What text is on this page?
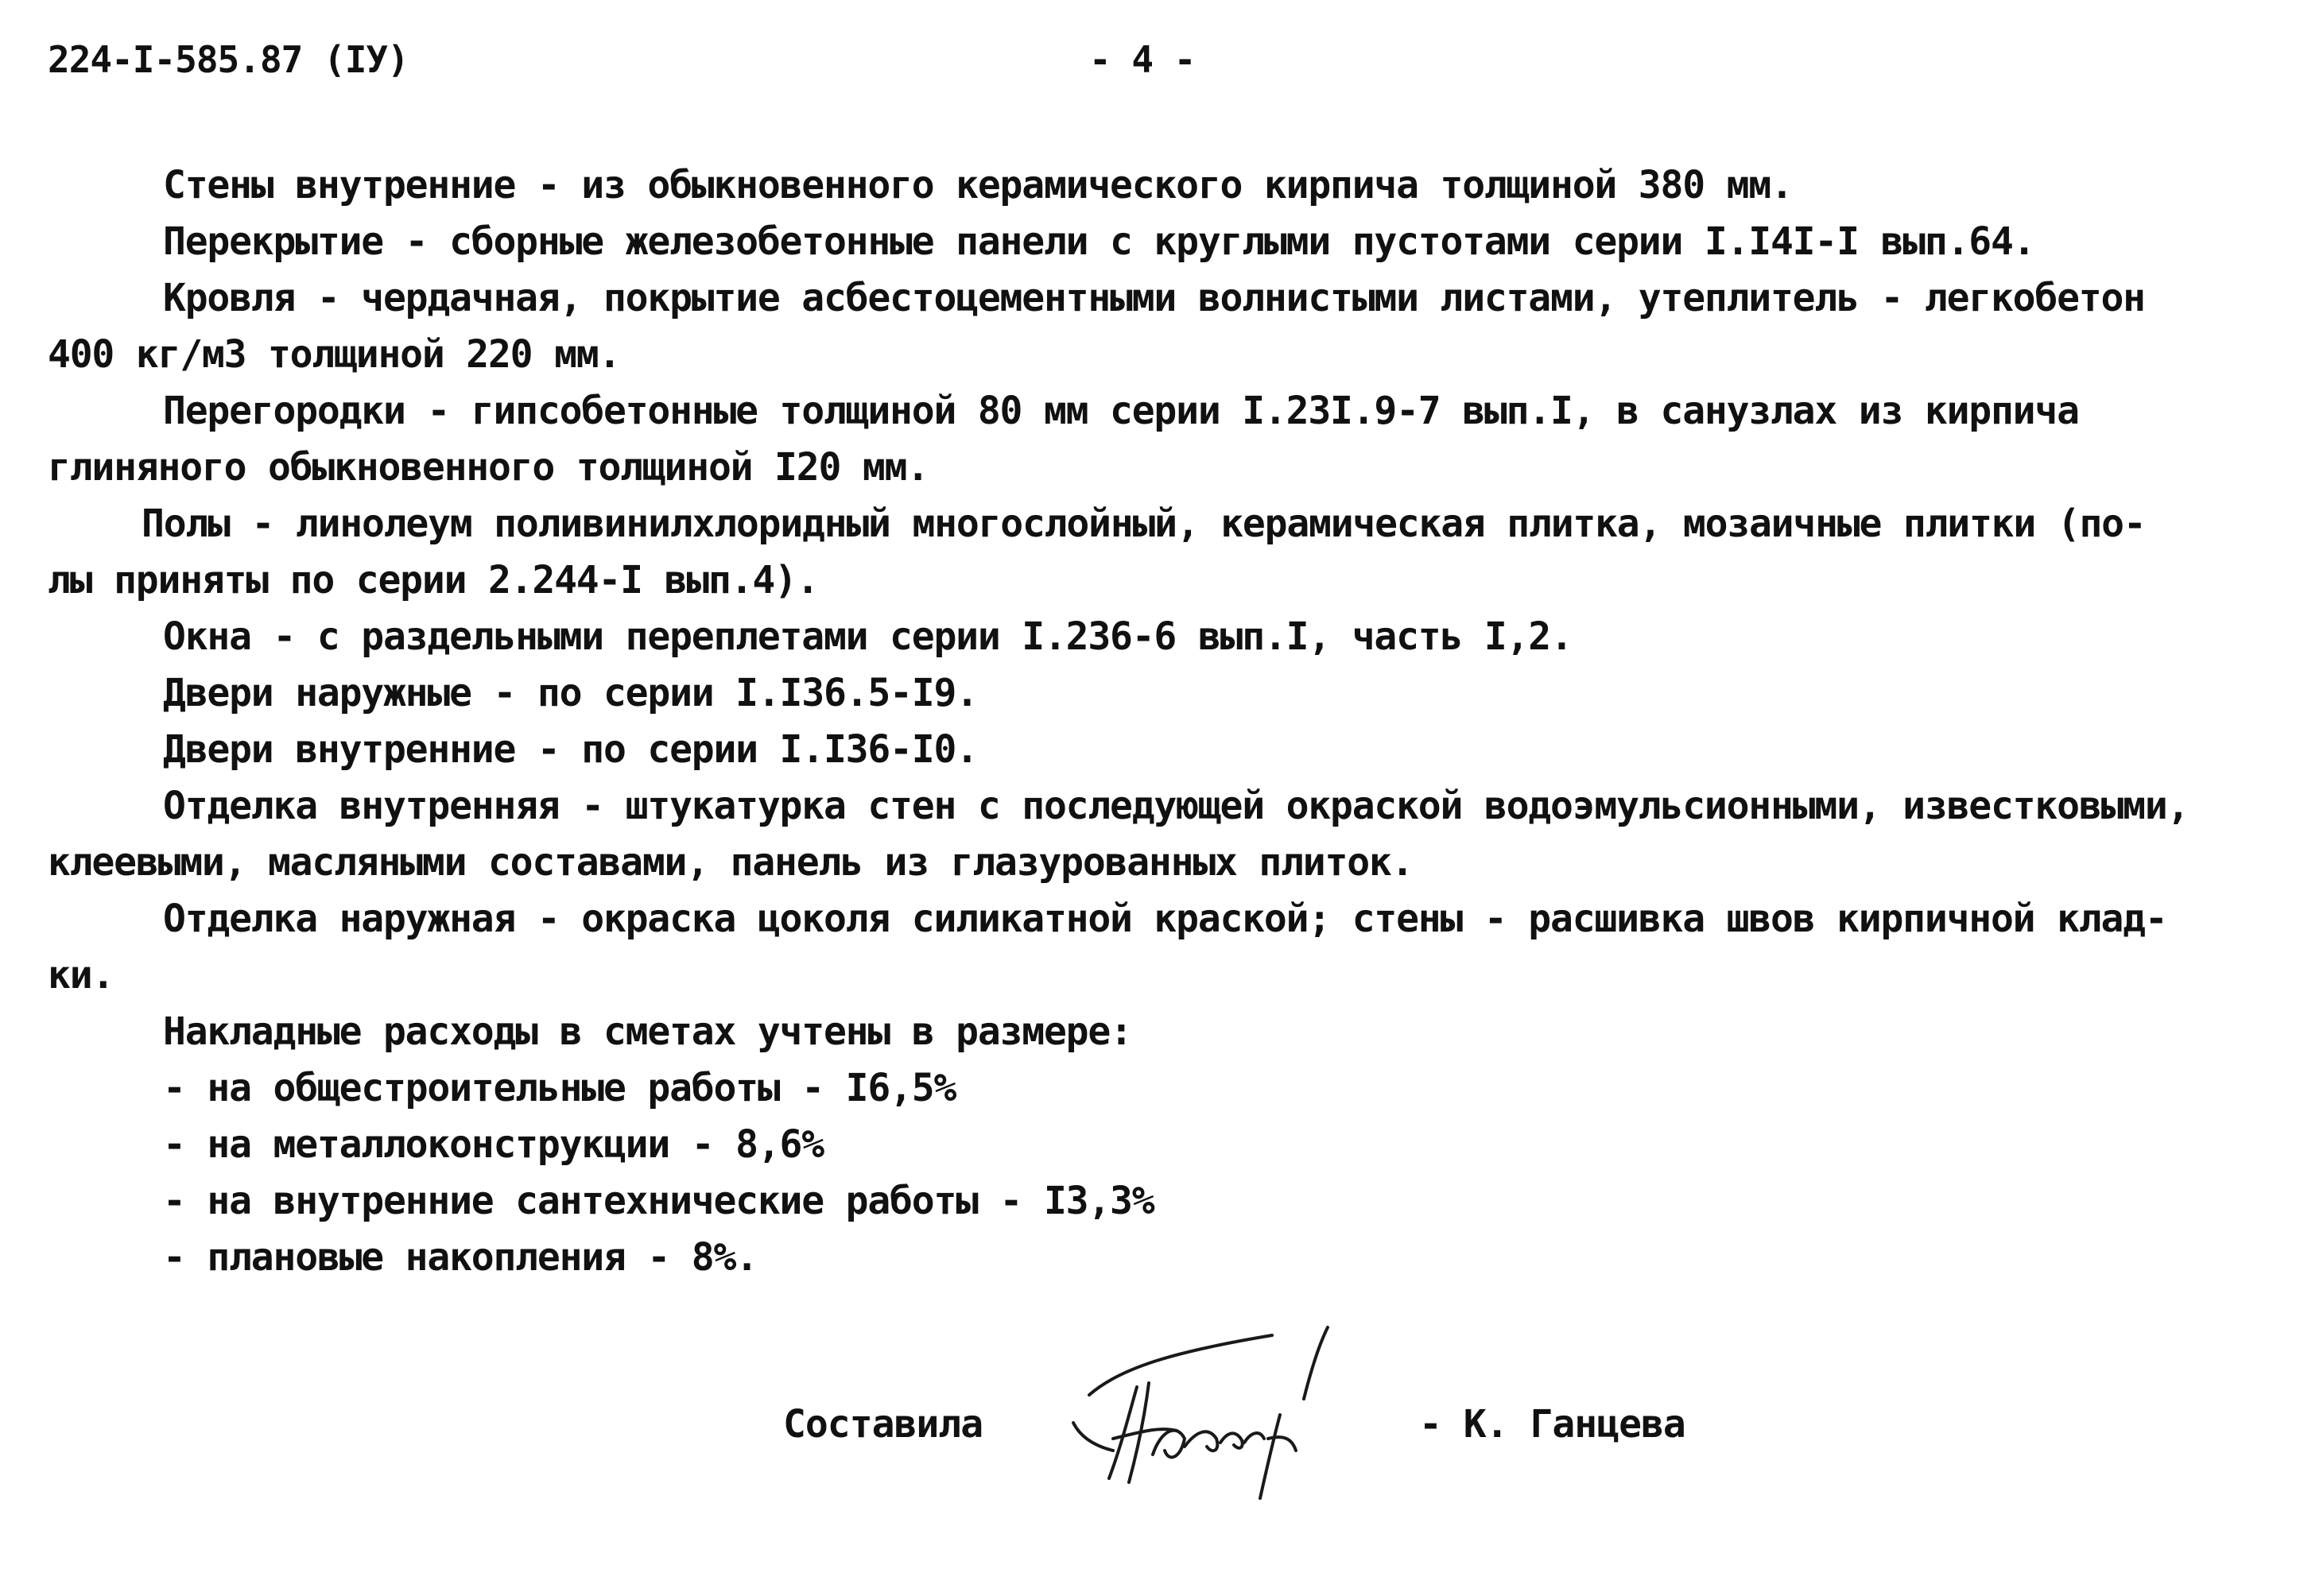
224-I-585.87 (IУ)	- 4 -

Стены внутренние - из обыкновенного керамического кирпича толщиной 380 мм.

Перекрытие - сборные железобетонные панели с круглыми пустотами серии I.I4I-I вып.64.

Кровля - чердачная, покрытие асбестоцементными волнистыми листами, утеплитель - легкобетон
400 кг/м3 толщиной 220 мм.
Перегородки - гипсобетонные толщиной 80 мм серии I.23I.9-7 вып.I, в санузлах из кирпича
глиняного обыкновенного толщиной I20 мм.
Полы - линолеум поливинилхлоридный многослойный, керамическая плитка, мозаичные плитки (по-
лы приняты по серии 2.244-I вып.4).

Окна - с раздельными переплетами серии I.236-6 вып.I, часть I,2.

Двери наружные - по серии I.I36.5-I9.

Двери внутренние - по серии I.I36-I0.

Отделка внутренняя - штукатурка стен с последующей окраской водоэмульсионными, известковыми,
клеевыми, масляными составами, панель из глазурованных плиток.
Отделка наружная - окраска цоколя силикатной краской; стены - расшивка швов кирпичной клад-
ки.

Накладные расходы в сметах учтены в размере:

- на общестроительные работы - I6,5%
- на металлоконструкции - 8,6%
- на внутренние сантехнические работы - I3,3%
- плановые накопления - 8%.
Составила	- К. Ганцева
